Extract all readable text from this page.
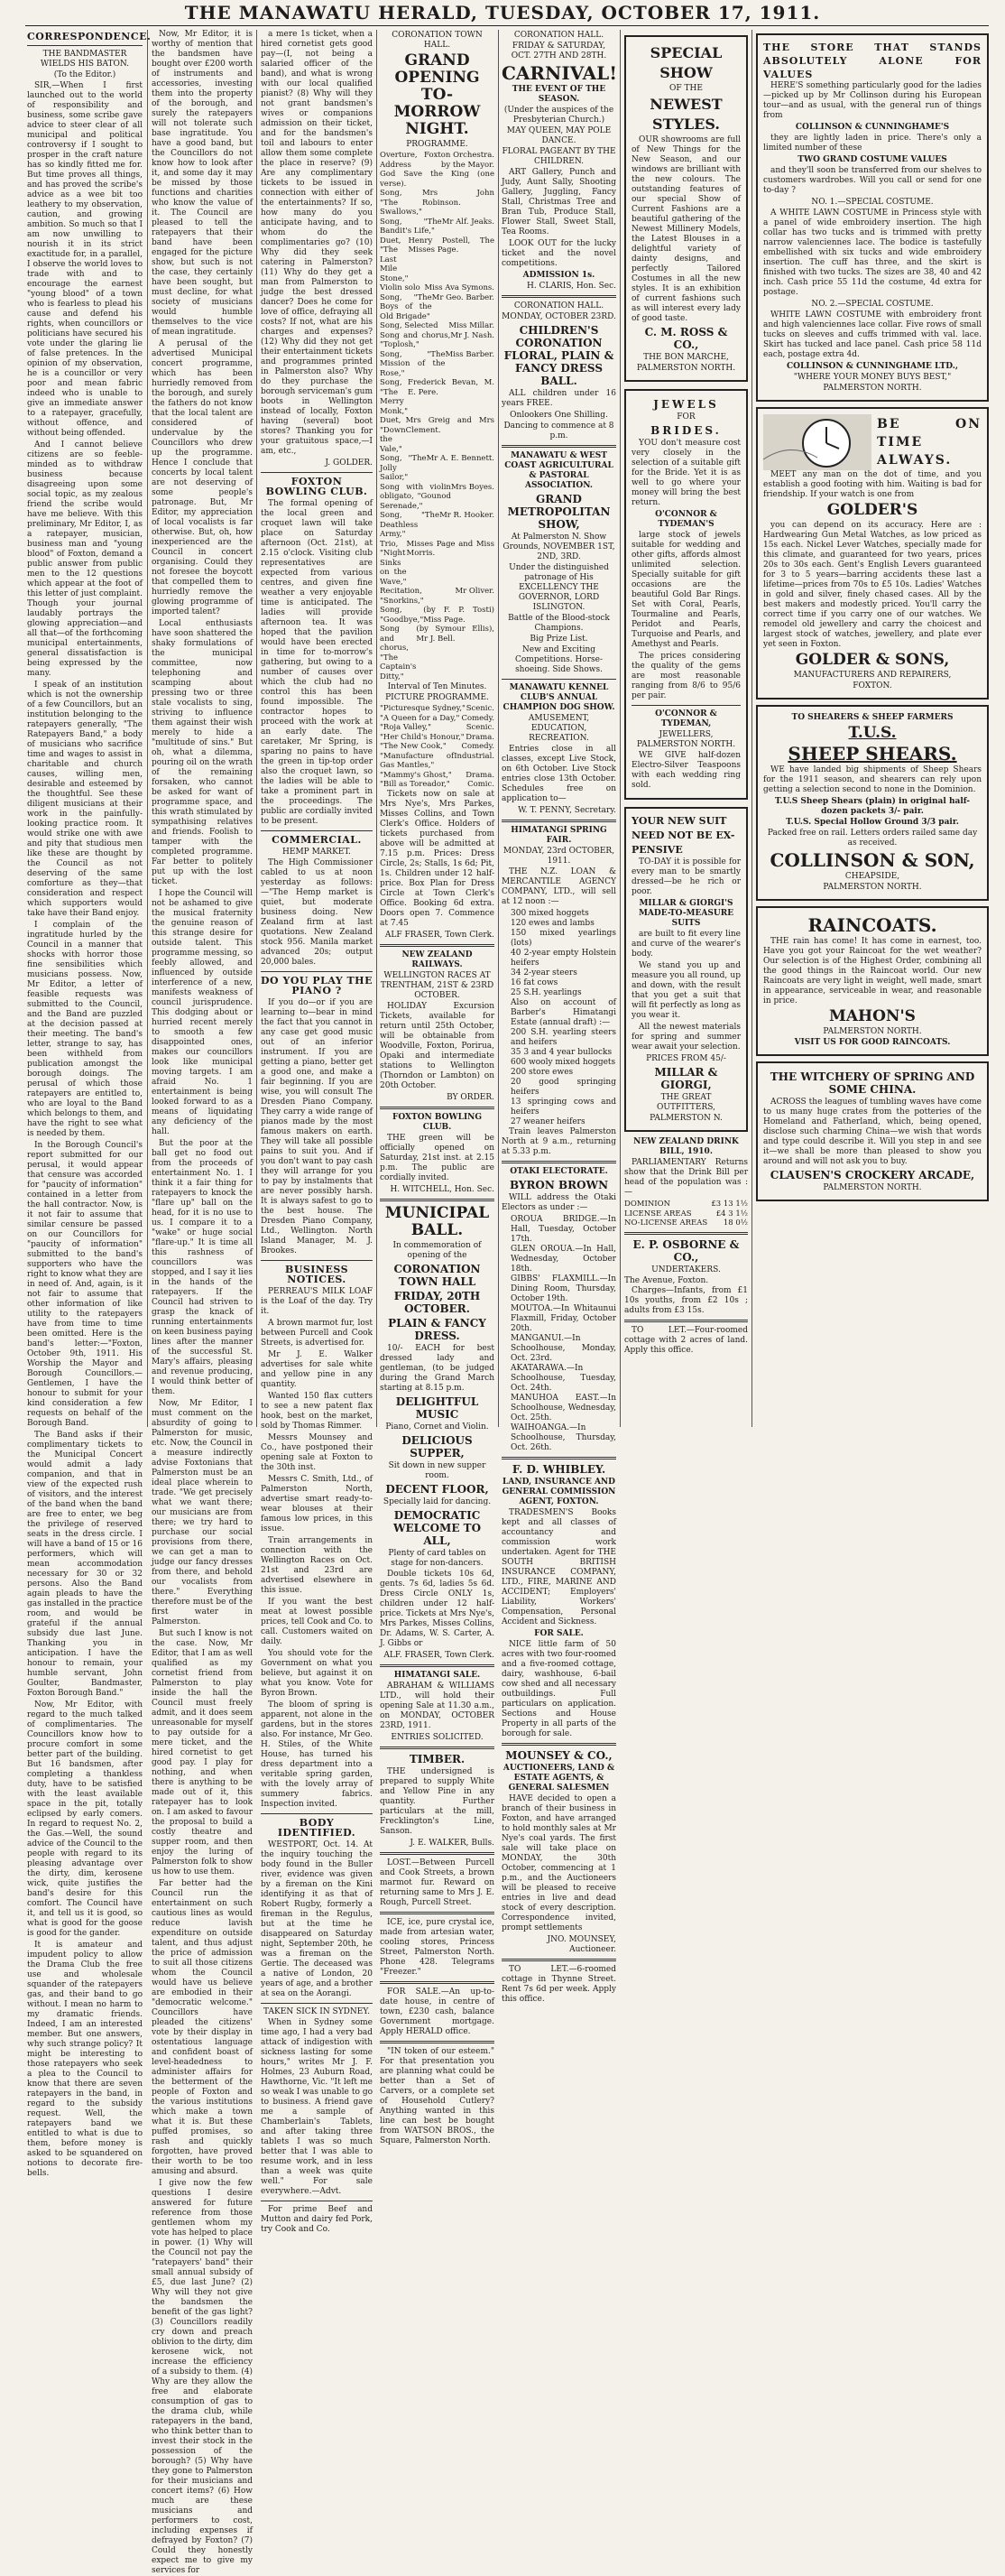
THE MANAWATU HERALD, TUESDAY, OCTOBER 17, 1911.
CORRESPONDENCE.
THE BANDMASTER WIELDS HIS BATON.
(To the Editor.)

SIR,—When I first launched out to the world of responsibility and business, some scribe gave advice to steer clear of all municipal and political controversy if I sought to prosper in the craft nature has so kindly fitted me for. But time proves all things, and has proved the scribe's advice as a wee bit too leathery to my observation, caution, and growing ambition. So much so that I am now unwilling to nourish it in its strict exactitude for, in a parallel, I observe the world loves to trade with and to encourage the earnest "young blood" of a town who is fearless to plead his cause and defend his rights, when councillors or politicians have secured his vote under the glaring lie of false pretences. In the opinion of my observation, he is a councillor or very poor and mean fabric indeed who is unable to give an immediate answer to a ratepayer, gracefully, without offence, and without being offended.

And I cannot believe citizens are so feeble-minded as to withdraw business because disagreeing upon some social topic, as my zealous friend the scribe would have me believe. With this preliminary, Mr Editor, I, as a ratepayer, musician, business man and "young blood" of Foxton, demand a public answer from public men to the 12 questions which appear at the foot of this letter of just complaint. Though your journal laudably portrays the glowing appreciation—and all that—of the forthcoming municipal entertainments, general dissatisfaction is being expressed by the many.

I speak of an institution which is not the ownership of a few Councillors, but an institution belonging to the ratepayers generally, "The Ratepayers Band," a body of musicians who sacrifice time and wages to assist in charitable and church causes, willing men, desirable and esteemed by the thoughtful. See these diligent musicians at their work in the painfully-looking practice room. It would strike one with awe and pity that studious men like these are thought by the Council as not deserving of the same comforture as they—that consideration and respect which supporters would take have their Band enjoy.

I complain of the ingratitude hurled by the Council in a manner that shocks with horror those fine sensibilities which musicians possess. Now, Mr Editor, a letter of feasible requests was submitted to the Council, and the Band are puzzled at the decision passed at their meeting. The band's letter, strange to say, has been withheld from publication amongst the borough doings. The perusal of which those ratepayers are entitled to, who are loyal to the Band which belongs to them, and have the right to see what is needed by them.

In the Borough Council's report submitted for our perusal, it would appear that censure was accorded for "paucity of information" contained in a letter from the hall contractor. Now, is it not fair to assume that similar censure be passed on our Councillors for "paucity of information" submitted to the band's supporters who have the right to know what they are in need of. And, again, is it not fair to assume that other information of like utility to the ratepayers have from time to time been omitted. Here is the band's letter:—"Foxton, October 9th, 1911. His Worship the Mayor and Borough Councillors.—Gentlemen, I have the honour to submit for your kind consideration a few requests on behalf of the Borough Band.

The Band asks if their complimentary tickets to the Municipal Concert would admit a lady companion, and that in view of the expected rush of visitors, and the interest of the band when the band are free to enter, we beg the privilege of reserved seats in the dress circle. I will have a band of 15 or 16 performers, which will mean accommodation necessary for 30 or 32 persons. Also the Band again pleads to have the gas installed in the practice room, and would be grateful if the annual subsidy due last June. Thanking you in anticipation. I have the honour to remain, your humble servant, John Goulter, Bandmaster, Foxton Borough Band."

Now, Mr Editor, with regard to the much talked of complimentaries. The Councillors know how to procure comfort in some better part of the building. But 16 bandsmen, after completing a thankless duty, have to be satisfied with the least available space in the pit, totally eclipsed by early comers. In regard to request No. 2, the Gas.—Well, the sound advice of the Council to the people with regard to its pleasing advantage over the dirty, dim, kerosene wick, quite justifies the band's desire for this comfort. The Council have it, and tell us it is good, so what is good for the goose is good for the gander.

It is amateur and impudent policy to allow the Drama Club the free use and wholesale squander of the ratepayers gas, and their band to go without. I mean no harm to my dramatic friends. Indeed, I am an interested member. But one answers, why such strange policy? It might be interesting to those ratepayers who seek a plea to the Council to know that there are seven ratepayers in the band, in regard to the subsidy request. Well, the ratepayers band we entitled to what is due to them, before money is asked to be squandered on notions to decorate fire-bells.

Now, Mr Editor, it is worthy of mention that the bandsmen have bought over £200 worth of instruments and accessories, investing them into the property of the borough, and surely the ratepayers will not tolerate such base ingratitude. You have a good band, but the Councillors do not know how to look after it, and some day it may be missed by those functions and charities who know the value of it. The Council are pleased to tell the ratepayers that their band have been engaged for the picture show, but such is not the case, they certainly have been sought, but must decline, for what society of musicians would humble themselves to the vice of mean ingratitude.

A perusal of the advertised Municipal concert programme, which has been hurriedly removed from the borough, and surely the fathers do not know that the local talent are considered of undervalue by the Councillors who drew up the programme. Hence I conclude that concerts by local talent are not deserving of some people's patronage. But, Mr Editor, my appreciation of local vocalists is far otherwise. But, oh, how inexperienced are the Council in concert organising. Could they not foresee the boycott that compelled them to hurriedly remove the glowing programme of imported talent?

Local enthusiasts have soon shattered the shaky formulations of the municipal committee, now telephoning and scamping about pressing two or three stale vocalists to sing, striving to influence them against their wish merely to hide a "multitude of sins." But oh, what a dilemma, pouring oil on the wrath of the remaining forsaken, who cannot be asked for want of programme space, and this wrath stimulated by sympathising relatives and friends. Foolish to tamper with the completed programme. Far better to politely put up with the lost ticket.

I hope the Council will not be ashamed to give the musical fraternity the genuine reason of this strange desire for outside talent. This programme messing, so feebly allowed, and influenced by outside interference of a new, manifests weakness of council jurisprudence. This dodging about or hurried recent merely to smooth a few disappointed ones, makes our councillors look like municipal moving targets. I am afraid No. 1 entertainment is being looked forward to as a means of liquidating any deficiency of the hall.

But the poor at the ball get no food out from the proceeds of entertainment No. 1. I think it a fair thing for ratepayers to knock the "flare up" ball on the head, for it is no use to us. I compare it to a "wake" or huge social "flare-up." It is time all this rashness of councillors was stopped, and I say it lies in the hands of the ratepayers. If the Council had striven to grasp the knack of running entertainments on keen business paying lines after the manner of the successful St. Mary's affairs, pleasing and revenue producing, I would think better of them.

Now, Mr Editor, I must comment on the absurdity of going to Palmerston for music, etc. Now, the Council in a measure indirectly advise Foxtonians that Palmerston must be an ideal place wherein to trade. "We get precisely what we want there; our musicians are from there; we try hard to purchase our social provisions from there, we can get a man to judge our fancy dresses from there, and behold our vocalists from there." Everything therefore must be of the first water in Palmerston.

But such I know is not the case. Now, Mr Editor, that I am as well qualified as my cornetist friend from Palmerston to play inside the hall the Council must freely admit, and it does seem unreasonable for myself to pay outside for a mere ticket, and the hired cornetist to get good pay. I play for nothing, and when there is anything to be made out of it, this ratepayer has to look on. I am asked to favour the proposal to build a costly theatre and supper room, and then enjoy the luring of Palmerston folk to show us how to use them.

Far better had the Council run the entertainment on such cautious lines as would reduce lavish expenditure on outside talent, and thus adjust the price of admission to suit all those citizens whom the Council would have us believe are embodied in their "democratic welcome." Councillors have pleaded the citizens' vote by their display in ostentatious language and confident boast of level-headedness to administer affairs for the betterment of the people of Foxton and the various institutions which make a town what it is. But these puffed promises, so rash and quickly forgotten, have proved their worth to be too amusing and absurd.

I give now the few questions I desire answered for future reference from those gentlemen whom my vote has helped to place in power. (1) Why will the Council not pay the "ratepayers' band" their small annual subsidy of £5, due last June? (2) Why will they not give the bandsmen the benefit of the gas light? (3) Councillors readily cry down and preach oblivion to the dirty, dim kerosene wick, not increase the efficiency of a subsidy to them. (4) Why are they allow the free and elaborate consumption of gas to the drama club, while ratepayers in the band, who think better than to invest their stock in the possession of the borough? (5) Why have they gone to Palmerston for their musicians and concert items? (6) How much are these musicians and performers to cost, including expenses if defrayed by Foxton? (7) Could they honestly expect me to give my services for

a mere 1s ticket, when a hired cornetist gets good pay—(I, not being a salaried officer of the band), and what is wrong with our local qualified pianist? (8) Why will they not grant bandsmen's wives or companions admission on their ticket, and for the bandsmen's toil and labours to enter allow them some complete the place in reserve? (9) Are any complimentary tickets to be issued in connection with either of the entertainments? If so, how many do you anticipate having, and to whom do the complimentaries go? (10) Why did they seek catering in Palmerston? (11) Why do they get a man from Palmerston to judge the best dressed dancer? Does he come for love of office, defraying all costs? If not, what are his charges and expenses? (12) Why did they not get their entertainment tickets and programmes printed in Palmerston also? Why do they purchase the borough serviceman's gum boots in Wellington instead of locally, Foxton having (several) boot stores? Thanking you for your gratuitous space,—I am, etc.,

J. GOLDER.
FOXTON BOWLING CLUB.

The formal opening of the local green and croquet lawn will take place on Saturday afternoon (Oct. 21st), at 2.15 o'clock. Visiting club representatives are expected from various centres, and given fine weather a very enjoyable time is anticipated. The ladies will provide afternoon tea. It was hoped that the pavilion would have been erected in time for to-morrow's gathering, but owing to a number of causes over which the club had no control this has been found impossible. The contractor hopes to proceed with the work at an early date. The caretaker, Mr Spring, is sparing no pains to have the green in tip-top order also the croquet lawn, so the ladies will be able to take a prominent part in the proceedings. The public are cordially invited to be present.

COMMERCIAL.
HEMP MARKET.

The High Commissioner cabled to us at noon yesterday as follows:—"The Hemp market is quiet, but moderate business doing. New Zealand firm at last quotations. New Zealand stock 956. Manila market advanced 20s; output 20,000 bales.

DO YOU PLAY THE PIANO ?

If you do—or if you are learning to—bear in mind the fact that you cannot in any case get good music out of an inferior instrument. If you are getting a piano, better get a good one, and make a fair beginning. If you are wise, you will consult The Dresden Piano Company. They carry a wide range of pianos made by the most famous makers on earth. They will take all possible pains to suit you. And if you don't want to pay cash they will arrange for you to pay by instalments that are never possibly harsh. It is always safest to go to the best house. The Dresden Piano Company, Ltd., Wellington. North Island Manager, M. J. Brookes.

BUSINESS NOTICES.

PERREAU'S MILK LOAF is the Loaf of the day. Try it.

A brown marmot fur, lost between Purcell and Cook Streets, is advertised for.

Mr J. E. Walker advertises for sale white and yellow pine in any quantity.

Wanted 150 flax cutters to see a new patent flax hook, best on the market, sold by Thomas Rimmer.

Messrs Mounsey and Co., have postponed their opening sale at Foxton to the 30th inst.

Messrs C. Smith, Ltd., of Palmerston North, advertise smart ready-to-wear blouses at their famous low prices, in this issue.

Train arrangements in connection with the Wellington Races on Oct. 21st and 23rd are advertised elsewhere in this issue.

If you want the best meat at lowest possible prices, tell Cook and Co. to call. Customers waited on daily.

You should vote for the Government on what you believe, but against it on what you know. Vote for Byron Brown.

The bloom of spring is apparent, not alone in the gardens, but in the stores also. For instance, Mr Geo. H. Stiles, of the White House, has turned his dress department into a veritable spring garden, with the lovely array of summery fabrics. Inspection invited.

BODY IDENTIFIED.

WESTPORT, Oct. 14. At the inquiry touching the body found in the Buller river, evidence was given by a fireman on the Kini identifying it as that of Robert Rugby, formerly a fireman in the Regulus, but at the time he disappeared on Saturday night, September 20th, he was a fireman on the Gertie. The deceased was a native of London, 20 years of age, and a brother at sea on the Aorangi.

TAKEN SICK IN SYDNEY.

When in Sydney some time ago, I had a very bad attack of indigestion with sickness lasting for some hours," writes Mr J. F. Holmes, 23 Auburn Road, Hawthorne, Vic. "It left me so weak I was unable to go to business. A friend gave me a sample of Chamberlain's Tablets, and after taking three tablets I was so much better that I was able to resume work, and in less than a week was quite well." For sale everywhere.—Advt.

For prime Beef and Mutton and dairy fed Pork, try Cook and Co.

CORONATION TOWN HALL.
GRAND OPENING TO-MORROW NIGHT.
PROGRAMME.
Overture, Foxton Orchestra.
Address	by the Mayor.
God Save the King (one verse).
Song, "The Swallows,"
Mrs John Robinson.
Song, "The Bandit's Life,"
Mr Alf. Jeaks.
Duet, "The Last Mile Stone,"
Henry Postell, The Misses Page.
Violin solo Miss Ava Symons.
Song, "The Boys of the Old Brigade"
Mr Geo. Barber.
Song, Selected	Miss Millar.
Song and chorus, "Toplosh,"
Mr J. Nash.
Song, "The Mission of the Rose,"
Miss Barber.
Song, "The Merry Monk,"
Frederick Bevan, M. E. Pere.
Duet, "Down the Vale,"
Mrs Greig and Mrs Clement.
Song, "The Jolly Sailor,"
Mr A. E. Bennett.
Song with violin obligato, "Gounod Serenade,"
Mrs Boyes.
Song, "The Deathless Army,"
Mr R. Hooker.
Trio, "Night Sinks on the Wave,"
Misses Page and Miss Morris.
Recitation, "Snorkins,"
Mr Oliver.
Song, "Goodbye,"
(by F. P. Tosti) Miss Page.
Song and chorus, "The Captain's Ditty,"
(by Symour Ellis), Mr J. Bell.
Interval of Ten Minutes.
PICTURE PROGRAMME.
"Picturesque Sydney," Scenic.
"A Queen for a Day," Comedy.
"Roja Valley,"	Scenic.
"Her Child's Honour," Drama.
"The New Cook,"	Comedy.
"Manufacture of Gas Mantles,"
Industrial.
"Mammy's Ghost,"	Drama.
"Bill as Toreador,"	Comic.

Tickets now on sale at Mrs Nye's, Mrs Parkes, Misses Collins, and Town Clerk's Office. Holders of tickets purchased from above will be admitted at 7.15 p.m. Prices: Dress Circle, 2s; Stalls, 1s 6d; Pit, 1s. Children under 12 half-price. Box Plan for Dress Circle at Town Clerk's Office. Booking 6d extra. Doors open 7. Commence at 7.45

ALF FRASER, Town Clerk.
NEW ZEALAND RAILWAYS.
WELLINGTON RACES AT TRENTHAM, 21ST & 23RD OCTOBER.

HOLIDAY Excursion Tickets, available for return until 25th October, will be obtainable from Woodville, Foxton, Porirua, Opaki and intermediate stations to Wellington (Thorndon or Lambton) on 20th October.

BY ORDER.
FOXTON BOWLING CLUB.

THE green will be officially opened on Saturday, 21st inst. at 2.15 p.m. The public are cordially invited.

H. WITCHELL, Hon. Sec.
MUNICIPAL BALL.
In commemoration of opening of the
CORONATION TOWN HALL
FRIDAY, 20TH OCTOBER.
PLAIN & FANCY DRESS.

10/- EACH for best dressed lady and gentleman, (to be judged during the Grand March starting at 8.15 p.m.

DELIGHTFUL MUSIC
Piano, Cornet and Violin.
DELICIOUS SUPPER,
Sit down in new supper room.
DECENT FLOOR,
Specially laid for dancing.
DEMOCRATIC WELCOME TO ALL,
Plenty of card tables on stage for non-dancers.

Double tickets 10s 6d, gents. 7s 6d, ladies 5s 6d. Dress Circle ONLY 1s, children under 12 half-price. Tickets at Mrs Nye's, Mrs Parkes, Misses Collins, Dr. Adams, W. S. Carter, A. J. Gibbs or

ALF. FRASER, Town Clerk.
HIMATANGI SALE.

ABRAHAM & WILLIAMS LTD., will hold their opening Sale at 11.30 a.m., on MONDAY, OCTOBER 23RD, 1911.

ENTRIES SOLICITED.
TIMBER.

THE undersigned is prepared to supply White and Yellow Pine in any quantity. Further particulars at the mill, Frecklington's Line, Sanson.

J. E. WALKER, Bulls.

LOST.—Between Purcell and Cook Streets, a brown marmot fur. Reward on returning same to Mrs J. E. Rough, Purcell Street.

ICE, ice, pure crystal ice, made from artesian water, cooling stores, Princess Street, Palmerston North. Phone 428. Telegrams "Freezer."

FOR SALE.—An up-to-date house, in centre of town, £230 cash, balance Government mortgage. Apply HERALD office.

"IN token of our esteem." For that presentation you are planning what could be better than a Set of Carvers, or a complete set of Household Cutlery? Anything wanted in this line can best be bought from WATSON BROS., the Square, Palmerston North.

CORONATION HALL.
FRIDAY & SATURDAY, OCT. 27TH AND 28TH.
CARNIVAL!
THE EVENT OF THE SEASON.
(Under the auspices of the Presbyterian Church.)
MAY QUEEN, MAY POLE DANCE.
FLORAL PAGEANT BY THE CHILDREN.

ART Gallery, Punch and Judy, Aunt Sally, Shooting Gallery, Juggling, Fancy Stall, Christmas Tree and Bran Tub, Produce Stall, Flower Stall, Sweet Stall, Tea Rooms.

LOOK OUT for the lucky ticket and the novel competitions.

ADMISSION 1s.
H. CLARIS, Hon. Sec.
CORONATION HALL.
MONDAY, OCTOBER 23RD.
CHILDREN'S CORONATION FLORAL, PLAIN & FANCY DRESS BALL.

ALL children under 16 years FREE.

Onlookers One Shilling.
Dancing to commence at 8 p.m.
MANAWATU & WEST COAST AGRICULTURAL & PASTORAL ASSOCIATION.
GRAND METROPOLITAN SHOW,
At Palmerston N. Show Grounds, NOVEMBER 1ST, 2ND, 3RD.
Under the distinguished patronage of His EXCELLENCY THE GOVERNOR, LORD ISLINGTON.
Battle of the Blood-stock Champions.
Big Prize List.
New and Exciting Competitions. Horse-shoeing. Side Shows.
MANAWATU KENNEL CLUB'S ANNUAL CHAMPION DOG SHOW.
AMUSEMENT, EDUCATION, RECREATION.

Entries close in all classes, except Live Stock, on 6th October. Live Stock entries close 13th October. Schedules free on application to—

W. T. PENNY, Secretary.
HIMATANGI SPRING FAIR.
MONDAY, 23rd OCTOBER, 1911.

THE N.Z. LOAN & MERCANTILE AGENCY COMPANY, LTD., will sell at 12 noon :—

300 mixed hoggets
120 ewes and lambs
150 mixed yearlings (lots)
40 2-year empty Holstein heifers
34 2-year steers
16 fat cows
25 S.H. yearlings
Also on account of Barber's Himatangi Estate (annual draft) :—
200 S.H. yearling steers and heifers
35 3 and 4 year bullocks
600 wooly mixed hoggets
200 store ewes
20 good springing heifers
13 springing cows and heifers
27 weaner heifers

Train leaves Palmerston North at 9 a.m., returning at 5.33 p.m.

OTAKI ELECTORATE.
BYRON BROWN

WILL address the Otaki Electors as under :—

OROUA BRIDGE.—In Hall, Tuesday, October 17th.
GLEN OROUA.—In Hall, Wednesday, October 18th.
GIBBS' FLAXMILL.—In Dining Room, Thursday, October 19th.
MOUTOA.—In Whitaunui Flaxmill, Friday, October 20th.
MANGANUI.—In Schoolhouse, Monday, Oct. 23rd.
AKATARAWA.—In Schoolhouse, Tuesday, Oct. 24th.
MANUHOA EAST.—In Schoolhouse, Wednesday, Oct. 25th.
WAIHOANGA.—In Schoolhouse, Thursday, Oct. 26th.
F. D. WHIBLEY.
LAND, INSURANCE AND GENERAL COMMISSION AGENT, FOXTON.

TRADESMEN'S Books kept and all classes of accountancy and commission work undertaken. Agent for THE SOUTH BRITISH INSURANCE COMPANY, LTD., FIRE, MARINE AND ACCIDENT; Employers' Liability, Workers' Compensation, Personal Accident and Sickness.

FOR SALE.

NICE little farm of 50 acres with two four-roomed and a five-roomed cottage, dairy, washhouse, 6-bail cow shed and all necessary outbuildings. Full particulars on application. Sections and House Property in all parts of the borough for sale.

MOUNSEY & CO.,
AUCTIONEERS, LAND & ESTATE AGENTS, & GENERAL SALESMEN

HAVE decided to open a branch of their business in Foxton, and have arranged to hold monthly sales at Mr Nye's coal yards. The first sale will take place on MONDAY, the 30th October, commencing at 1 p.m., and the Auctioneers will be pleased to receive entries in live and dead stock of every description. Correspondence invited, prompt settlements

JNO. MOUNSEY, Auctioneer.

TO LET.—6-roomed cottage in Thynne Street. Rent 7s 6d per week. Apply this office.

SPECIAL
SHOW
OF THE
NEWEST
STYLES.

OUR showrooms are full of New Things for the New Season, and our windows are brilliant with the new colours. The outstanding features of our special Show of Current Fashions are a beautiful gathering of the Newest Millinery Models, the Latest Blouses in a delightful variety of dainty designs, and perfectly Tailored Costumes in all the new styles. It is an exhibition of current fashions such as will interest every lady of good taste.

C. M. ROSS & CO.,
THE BON MARCHE,
PALMERSTON NORTH.
JEWELS
FOR
BRIDES.

YOU don't measure cost very closely in the selection of a suitable gift for the Bride. Yet it is as well to go where your money will bring the best return.

O'CONNOR & TYDEMAN'S

large stock of jewels suitable for wedding and other gifts, affords almost unlimited selection. Specially suitable for gift occasions are the beautiful Gold Bar Rings. Set with Coral, Pearls, Tourmaline and Pearls, Peridot and Pearls, Turquoise and Pearls, and Amethyst and Pearls.

The prices considering the quality of the gems are most reasonable ranging from 8/6 to 95/6 per pair.

O'CONNOR & TYDEMAN,
JEWELLERS, PALMERSTON NORTH.

WE GIVE half-dozen Electro-Silver Teaspoons with each wedding ring sold.

YOUR NEW SUIT
NEED NOT BE EX-
PENSIVE

TO-DAY it is possible for every man to be smartly dressed—be he rich or poor.

MILLAR & GIORGI'S MADE-TO-MEASURE SUITS

are built to fit every line and curve of the wearer's body.

We stand you up and measure you all round, up and down, with the result that you get a suit that will fit perfectly as long as you wear it.

All the newest materials for spring and summer wear await your selection.

PRICES FROM 45/-
MILLAR & GIORGI,
THE GREAT OUTFITTERS,
PALMERSTON N.
NEW ZEALAND DRINK BILL, 1910.

PARLIAMENTARY Returns show that the Drink Bill per head of the population was :—

DOMINION	£3 13 1½
LICENSE AREAS	£4 3 1½
NO-LICENSE AREAS	18 0½
E. P. OSBORNE & CO.,
UNDERTAKERS.
The Avenue, Foxton.

Charges—Infants, from £1 10s youths, from £2 10s ; adults from £3 15s.

TO LET.—Four-roomed cottage with 2 acres of land. Apply this office.

THE STORE THAT STANDS ABSOLUTELY ALONE FOR VALUES

HERE'S something particularly good for the ladies—picked up by Mr Collinson during his European tour—and as usual, with the general run of things from

COLLINSON & CUNNINGHAME'S

they are lightly laden in price. There's only a limited number of these

TWO GRAND COSTUME VALUES

and they'll soon be transferred from our shelves to customers wardrobes. Will you call or send for one to-day ?

NO. 1.—SPECIAL COSTUME.

A WHITE LAWN COSTUME in Princess style with a panel of wide embroidery insertion. The high collar has two tucks and is trimmed with pretty narrow valenciennes lace. The bodice is tastefully embellished with six tucks and wide embroidery insertion. The cuff has three, and the skirt is finished with two tucks. The sizes are 38, 40 and 42 inch. Cash price 55 11d the costume, 4d extra for postage.

NO. 2.—SPECIAL COSTUME.

WHITE LAWN COSTUME with embroidery front and high valenciennes lace collar. Five rows of small tucks on sleeves and cuffs trimmed with val. lace. Skirt has tucked and lace panel. Cash price 58 11d each, postage extra 4d.

COLLINSON & CUNNINGHAME LTD.,
"WHERE YOUR MONEY BUYS BEST,"
PALMERSTON NORTH.
BE ON TIME ALWAYS.

MEET any man on the dot of time, and you establish a good footing with him. Waiting is bad for friendship. If your watch is one from

GOLDER'S

you can depend on its accuracy. Here are : Hardwearing Gun Metal Watches, as low priced as 15s each. Nickel Lever Watches, specially made for this climate, and guaranteed for two years, prices 20s to 30s each. Gent's English Levers guaranteed for 3 to 5 years—barring accidents these last a lifetime—prices from 70s to £5 10s. Ladies' Watches in gold and silver, finely chased cases. All by the best makers and modestly priced. You'll carry the correct time if you carry one of our watches. We remodel old jewellery and carry the choicest and largest stock of watches, jewellery, and plate ever yet seen in Foxton.

GOLDER & SONS,
MANUFACTURERS AND REPAIRERS,
FOXTON.
TO SHEARERS & SHEEP FARMERS
T.U.S.
SHEEP SHEARS.

WE have landed big shipments of Sheep Shears for the 1911 season, and shearers can rely upon getting a selection second to none in the Dominion.

T.U.S Sheep Shears (plain) in original half-dozen packets 3/- pair.
T.U.S. Special Hollow Ground 3/3 pair.
Packed free on rail. Letters orders railed same day as received.
COLLINSON & SON,
CHEAPSIDE,
PALMERSTON NORTH.
RAINCOATS.

THE rain has come! It has come in earnest, too. Have you got your Raincoat for the wet weather? Our selection is of the Highest Order, combining all the good things in the Raincoat world. Our new Raincoats are very light in weight, well made, smart in appearance, serviceable in wear, and reasonable in price.

MAHON'S
PALMERSTON NORTH.
VISIT US FOR GOOD RAINCOATS.
THE WITCHERY OF SPRING AND SOME CHINA.

ACROSS the leagues of tumbling waves have come to us many huge crates from the potteries of the Homeland and Fatherland, which, being opened, disclose such charming China—we wish that words and type could describe it. Will you step in and see it—we shall be more than pleased to show you around and will not ask you to buy.

CLAUSEN'S CROCKERY ARCADE,
PALMERSTON NORTH.
